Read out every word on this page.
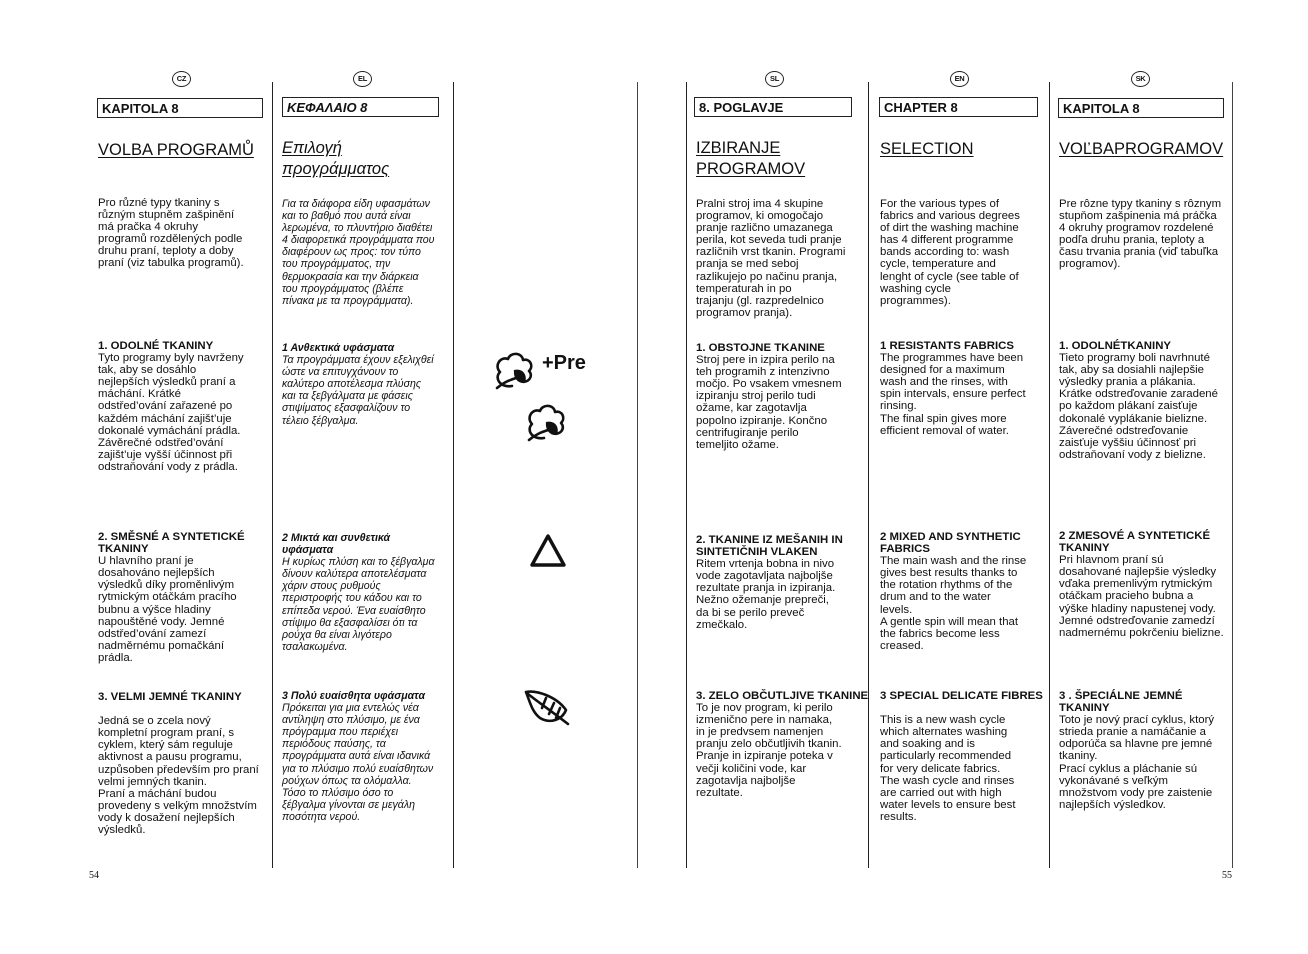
CZ	EL	SL	EN	SK
KAPITOLA 8	ΚΕΦΑΛΑΙΟ 8	8. POGLAVJE	CHAPTER 8	KAPITOLA 8
VOLBA PROGRAMŮ Επιλογή
προγράμματος
IZBIRANJE
PROGRAMOV
SELECTION	VOĽBAPROGRAMOV
Pro různé typy tkaniny s
různým stupněm zašpinění
má pračka 4 okruhy
programů rozdělených podle
druhu praní, teploty a doby
praní (viz tabulka programů).
Για τα διάφορα είδη υφασμάτων
και το βαθμό που αυτά είναι
λερωμένα, το πλυντήριο διαθέτει
4 διαφορετικά προγράμματα που
διαφέρουν ως προς: τον τύπο
του προγράμματος, την
θερμοκρασία και την διάρκεια
του προγράμματος (βλέπε
πίνακα με τα προγράμματα).
Pralni stroj ima 4 skupine
programov, ki omogočajo
pranje različno umazanega
perila, kot seveda tudi pranje
različnih vrst tkanin. Programi
pranja se med seboj
razlikujejo po načinu pranja,
temperaturah in po
trajanju (gl. razpredelnico
programov pranja).
For the various types of
fabrics and various degrees
of dirt the washing machine
has 4 different programme
bands according to: wash
cycle, temperature and
lenght of cycle (see table of
washing cycle
programmes).
Pre rôzne typy tkaniny s rôznym
stupňom zašpinenia má práčka
4 okruhy programov rozdelené
podľa druhu prania, teploty a
času trvania prania (viď tabuľka
programov).
1. ODOLNÉ TKANINY
Tyto programy byly navrženy
tak, aby se dosáhlo
nejlepších výsledků praní a
máchání. Krátké
odstřed’ování zařazené po
každém máchání zajišt’uje
dokonalé vymáchání prádla.
Závěrečné odstřed’ování
zajišt’uje vyšší účinnost při
odstraňování vody z prádla.
1 Ανθεκτικά υφάσματα
Τα προγράμματα έχουν εξελιχθεί
ώστε να επιτυγχάνουν το
καλύτερο αποτέλεσμα πλύσης
και τα ξεβγάλματα με φάσεις
στιψίματος εξασφαλίζουν το
τέλειο ξέβγαλμα.
1. OBSTOJNE TKANINE
Stroj pere in izpira perilo na
teh programih z intenzivno
močjo. Po vsakem vmesnem
izpiranju stroj perilo tudi
ožame, kar zagotavlja
popolno izpiranje. Končno
centrifugiranje perilo
temeljito ožame.
1 RESISTANTS FABRICS
The programmes have been
designed for a maximum
wash and the rinses, with
spin intervals, ensure perfect
rinsing.
The final spin gives more
efficient removal of water.
1. ODOLNÉTKANINY
Tieto programy boli navrhnuté
tak, aby sa dosiahli najlepšie
výsledky prania a plákania.
Krátke odstreďovanie zaradené
po každom plákaní zaisťuje
dokonalé vyplákanie bielizne.
Záverečné odstreďovanie
zaisťuje vyššiu účinnosť pri
odstraňovaní vody z bielizne.
2. SMĚSNÉ A SYNTETICKÉ
TKANINY
U hlavního praní je
dosahováno nejlepších
výsledků díky proměnlivým
rytmickým otáčkám pracího
bubnu a výšce hladiny
napouštěné vody. Jemné
odstřed’ování zamezí
nadměrnému pomačkání
prádla.
2 Μικτά και συνθετικά
υφάσματα
Η κυρίως πλύση και το ξέβγαλμα
δίνουν καλύτερα αποτελέσματα
χάριν στους ρυθμούς
περιστροφής του κάδου και το
επίπεδα νερού. Ένα ευαίσθητο
στίψιμο θα εξασφαλίσει ότι τα
ρούχα θα είναι λιγότερο
τσαλακωμένα.
2. TKANINE IZ MEŠANIH IN
SINTETIČNIH VLAKEN
Ritem vrtenja bobna in nivo
vode zagotavljata najboljše
rezultate pranja in izpiranja.
Nežno ožemanje prepreči,
da bi se perilo preveč
zmečkalo.
2 MIXED AND SYNTHETIC
FABRICS
The main wash and the rinse
gives best results thanks to
the rotation rhythms of the
drum and to the water
levels.
A gentle spin will mean that
the fabrics become less
creased.
2 ZMESOVÉ A SYNTETICKÉ
TKANINY
Pri hlavnom praní sú
dosahované najlepšie výsledky
vďaka premenlivým rytmickým
otáčkam pracieho bubna a
výške hladiny napustenej vody.
Jemné odstreďovanie zamedzí
nadmernému pokrčeniu bielizne.
3. VELMI JEMNÉ TKANINY

Jedná se o zcela nový
kompletní program praní, s
cyklem, který sám reguluje
aktivnost a pausu programu,
uzpůsoben především pro praní
velmi jemných tkanin.
Praní a máchání budou
provedeny s velkým množstvím
vody k dosažení nejlepších
výsledků.
3 Πολύ ευαίσθητα υφάσματα
Πρόκειται για μια εντελώς νέα
αντίληψη στο πλύσιμο, με ένα
πρόγραμμα που περιέχει
περιόδους παύσης, τα
προγράμματα αυτά είναι ιδανικά
για το πλύσιμο πολύ ευαίσθητων
ρούχων όπως τα ολόμαλλα.
Τόσο το πλύσιμο όσο το
ξέβγαλμα γίνονται σε μεγάλη
ποσότητα νερού.
3. ZELO OBČUTLJIVE TKANINE
To je nov program, ki perilo
izmenično pere in namaka,
in je predvsem namenjen
pranju zelo občutljivih tkanin.
Pranje in izpiranje poteka v
večji količini vode, kar
zagotavlja najboljše
rezultate.
3 SPECIAL DELICATE FIBRES

This is a new wash cycle
which alternates washing
and soaking and is
particularly recommended
for very delicate fabrics.
The wash cycle and rinses
are carried out with high
water levels to ensure best
results.
3 . ŠPECIÁLNE JEMNÉ
TKANINY
Toto je nový prací cyklus, ktorý
strieda pranie a namáčanie a
odporúča sa hlavne pre jemné
tkaniny.
Prací cyklus a pláchanie sú
vykonávané s veľkým
množstvom vody pre zaistenie
najlepších výsledkov.
+Pre
54	55
